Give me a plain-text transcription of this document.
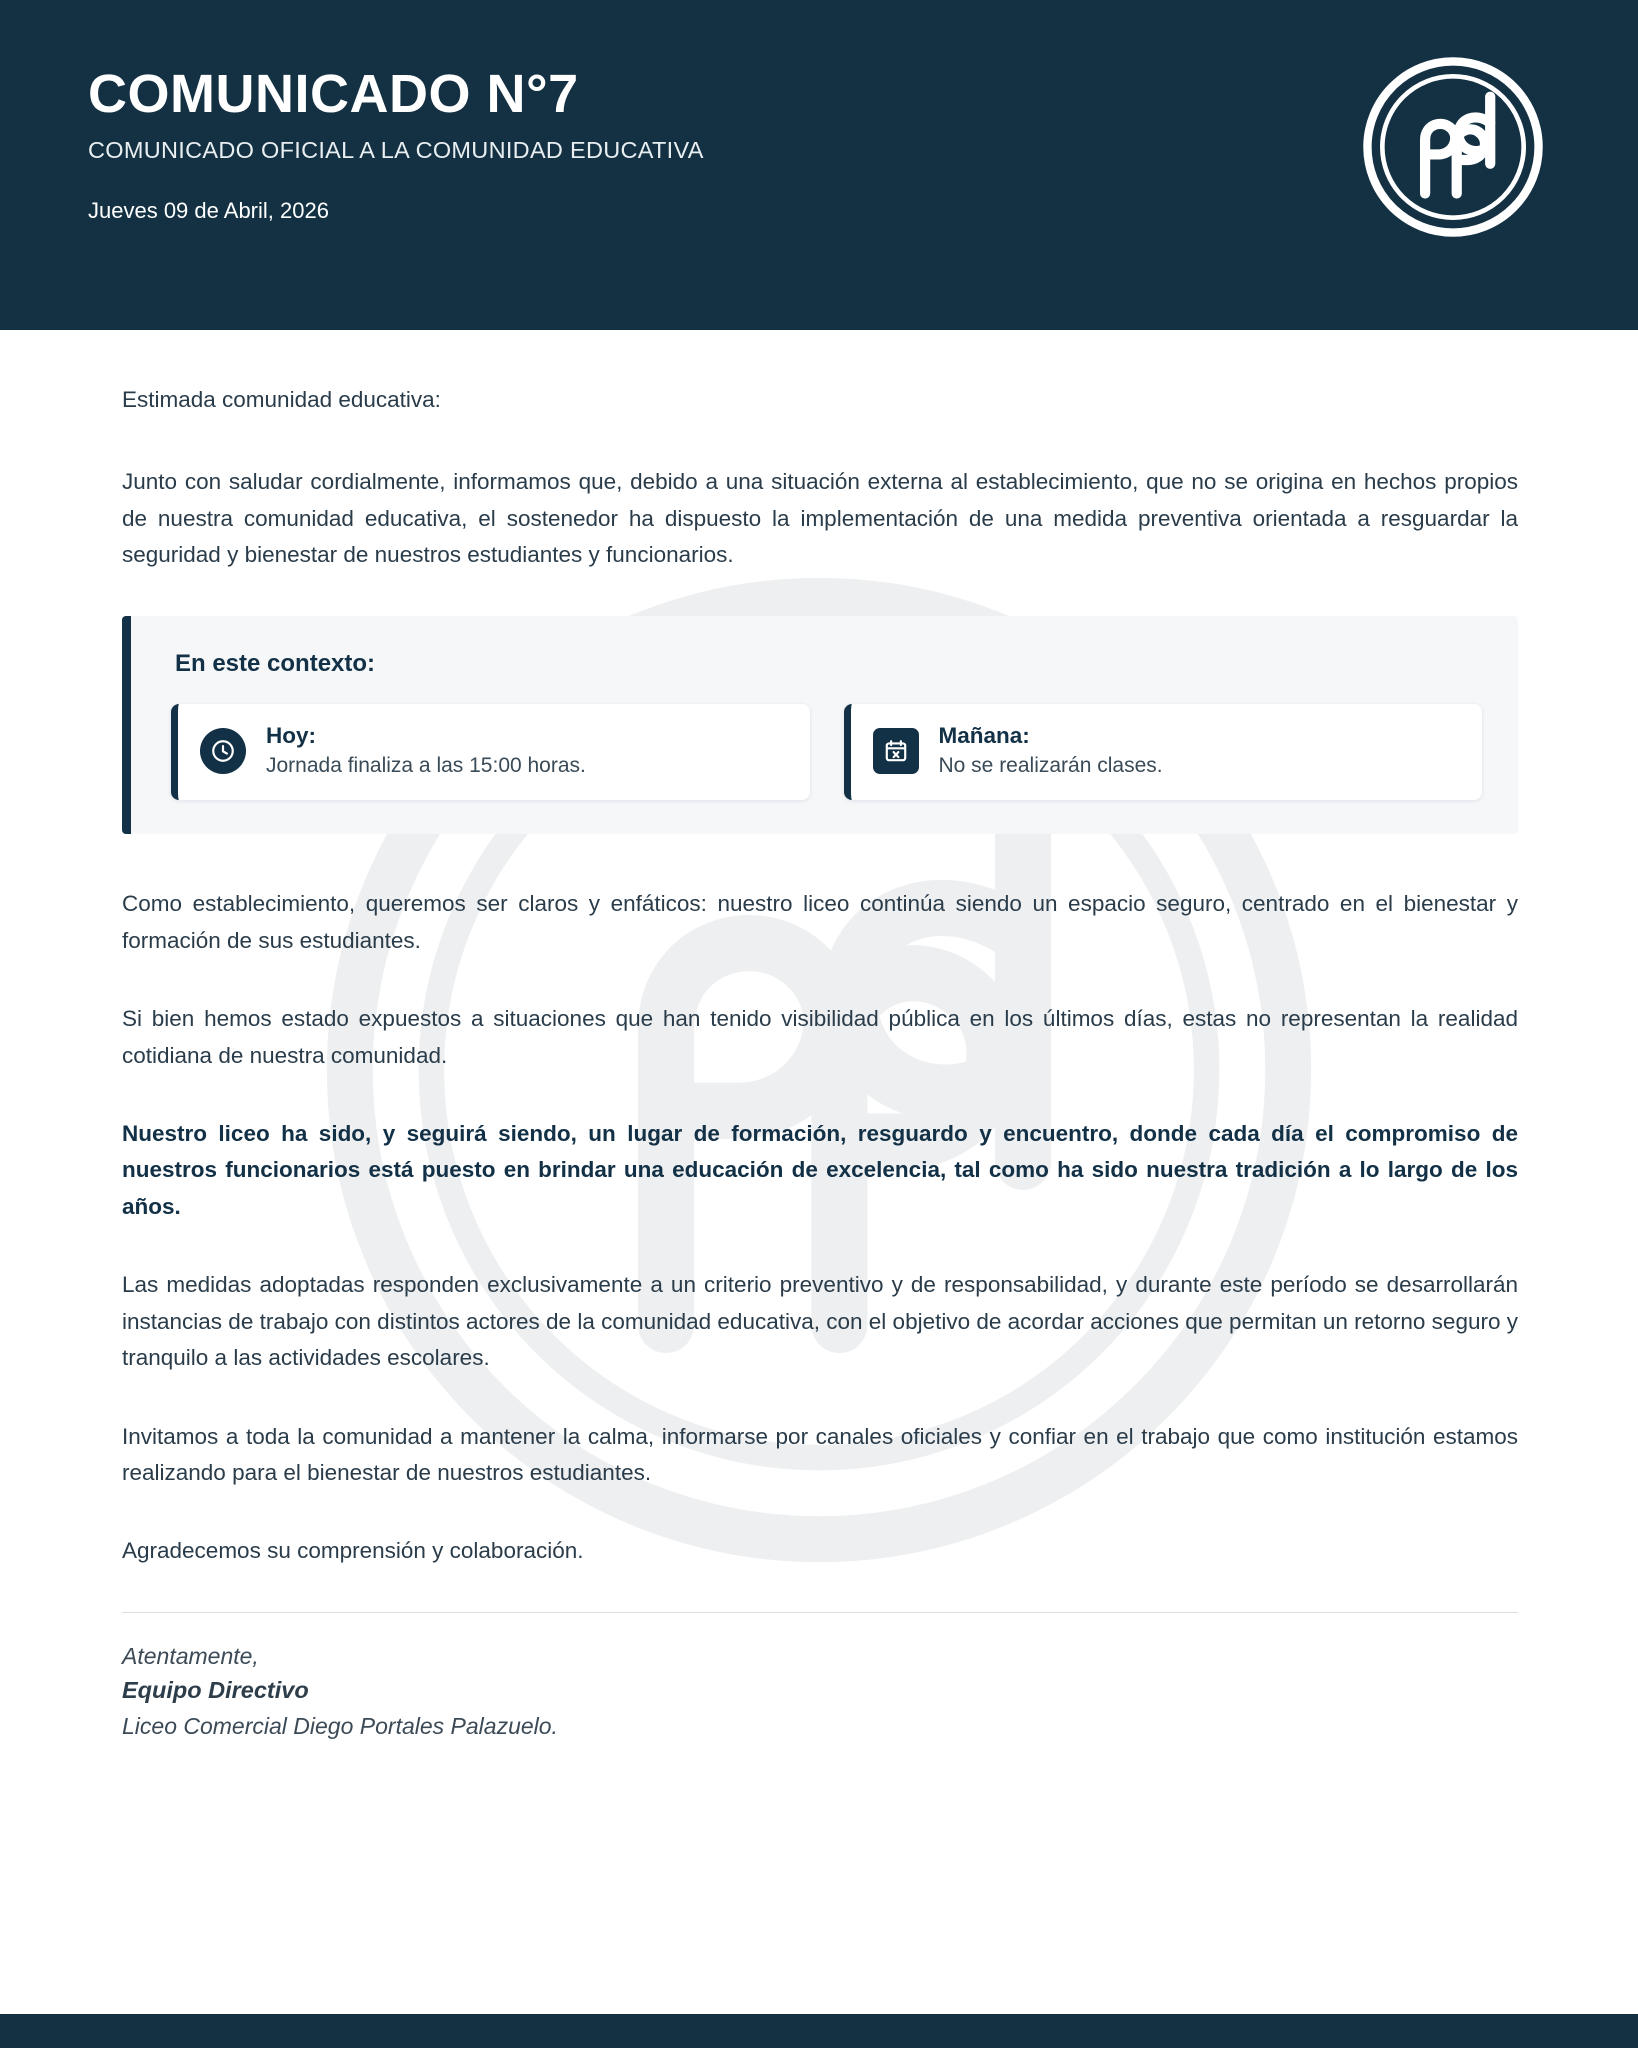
COMUNICADO N°7
COMUNICADO OFICIAL A LA COMUNIDAD EDUCATIVA
Jueves 09 de Abril, 2026

Estimada comunidad educativa:

Junto con saludar cordialmente, informamos que, debido a una situación externa al establecimiento, que no se origina en hechos propios de nuestra comunidad educativa, el sostenedor ha dispuesto la implementación de una medida preventiva orientada a resguardar la seguridad y bienestar de nuestros estudiantes y funcionarios.

En este contexto:
Hoy:
Jornada finaliza a las 15:00 horas.
Mañana:
No se realizarán clases.

Como establecimiento, queremos ser claros y enfáticos: nuestro liceo continúa siendo un espacio seguro, centrado en el bienestar y formación de sus estudiantes.

Si bien hemos estado expuestos a situaciones que han tenido visibilidad pública en los últimos días, estas no representan la realidad cotidiana de nuestra comunidad.

Nuestro liceo ha sido, y seguirá siendo, un lugar de formación, resguardo y encuentro, donde cada día el compromiso de nuestros funcionarios está puesto en brindar una educación de excelencia, tal como ha sido nuestra tradición a lo largo de los años.

Las medidas adoptadas responden exclusivamente a un criterio preventivo y de responsabilidad, y durante este período se desarrollarán instancias de trabajo con distintos actores de la comunidad educativa, con el objetivo de acordar acciones que permitan un retorno seguro y tranquilo a las actividades escolares.

Invitamos a toda la comunidad a mantener la calma, informarse por canales oficiales y confiar en el trabajo que como institución estamos realizando para el bienestar de nuestros estudiantes.

Agradecemos su comprensión y colaboración.

Atentamente,
Equipo Directivo
Liceo Comercial Diego Portales Palazuelo.
